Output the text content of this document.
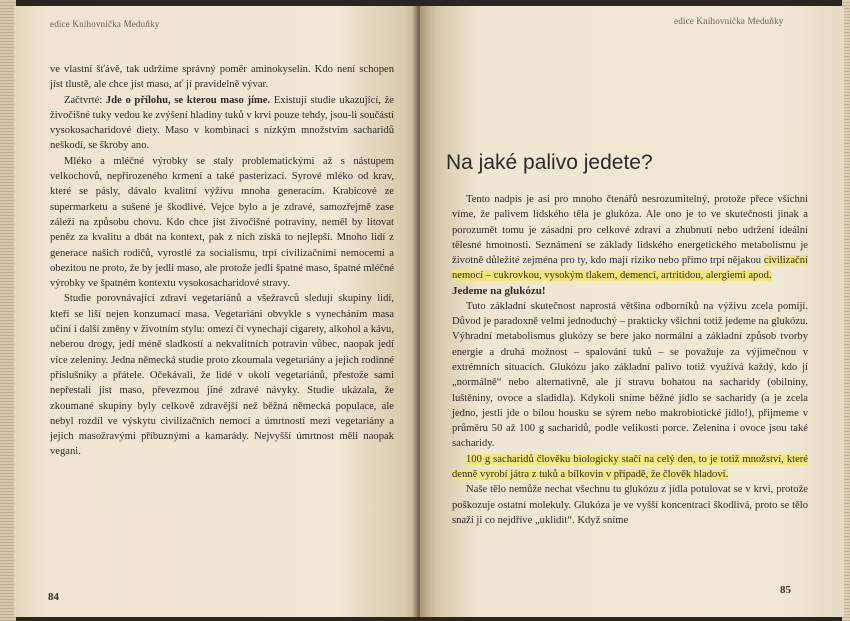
edice Knihovnička Meduňky

ve vlastní šťávě, tak udržíme správný poměr aminokyselin. Kdo není schopen jíst tlustě, ale chce jíst maso, ať jí pravidelně vývar.

Začtvrté: Jde o přílohu, se kterou maso jíme. Existují studie ukazující, že živočišné tuky vedou ke zvýšení hladiny tuků v krvi pouze tehdy, jsou-li součástí vysokosacharidové diety. Maso v kombinaci s nízkým množstvím sacharidů neškodí, se škroby ano.

Mléko a mléčné výrobky se staly problematickými až s nástupem velkochovů, nepřirozeného krmení a také pasterizací. Syrové mléko od krav, které se pásly, dávalo kvalitní výživu mnoha generacím. Krabicové ze supermarketu a sušené je škodlivé. Vejce bylo a je zdravé, samozřejmě zase záleží na způsobu chovu. Kdo chce jíst živočišné potraviny, neměl by litovat peněz za kvalitu a dbát na kontext, pak z nich získá to nejlepší. Mnoho lidí z generace našich rodičů, vyrostlé za socialismu, trpí civilizačními nemocemi a obezitou ne proto, že by jedli maso, ale protože jedli špatné maso, špatné mléčné výrobky ve špatném kontextu vysokosacharidové stravy.

Studie porovnávající zdraví vegetariánů a všežravců sledují skupiny lidí, kteří se liší nejen konzumací masa. Vegetariáni obvykle s vynecháním masa učiní i další změny v životním stylu: omezí či vynechají cigarety, alkohol a kávu, neberou drogy, jedí méně sladkostí a nekvalitních potravin vůbec, naopak jedí více zeleniny. Jedna německá studie proto zkoumala vegetariány a jejich rodinné příslušníky a přátele. Očekávali, že lidé v okolí vegetariánů, přestože sami nepřestali jíst maso, převezmou jiné zdravé návyky. Studie ukázala, že zkoumané skupiny byly celkově zdravější než běžná německá populace, ale nebyl rozdíl ve výskytu civilizačních nemocí a úmrtností mezi vegetariány a jejich masožravými příbuznými a kamarády. Nejvyšší úmrtnost měli naopak vegani.

84
edice Knihovnička Meduňky
Na jaké palivo jedete?

Tento nadpis je asi pro mnoho čtenářů nesrozumitelný, protože přece všichni víme, že palivem lidského těla je glukóza. Ale ono je to ve skutečnosti jinak a porozumět tomu je zásadní pro celkové zdraví a zhubnutí nebo udržení ideální tělesné hmotnosti. Seznámení se základy lidského energetického metabolismu je životně důležité zejména pro ty, kdo mají riziko nebo přímo trpí nějakou civilizační nemocí – cukrovkou, vysokým tlakem, demencí, artritidou, alergiemi apod.

Jedeme na glukózu!

Tuto základní skutečnost naprostá většina odborníků na výživu zcela pomíjí. Důvod je paradoxně velmi jednoduchý – prakticky všichni totiž jedeme na glukózu. Výhradní metabolismus glukózy se bere jako normální a základní způsob tvorby energie a druhá možnost – spalování tuků – se považuje za výjimečnou v extrémních situacích. Glukózu jako základní palivo totiž využívá každý, kdo jí „normálně“ nebo alternativně, ale jí stravu bohatou na sacharidy (obilniny, luštěniny, ovoce a sladidla). Kdykoli sníme běžné jídlo se sacharidy (a je zcela jedno, jestli jde o bílou housku se sýrem nebo makrobiotické jídlo!), přijmeme v průměru 50 až 100 g sacharidů, podle velikosti porce. Zelenina i ovoce jsou také sacharidy.

100 g sacharidů člověku biologicky stačí na celý den, to je totiž množství, které denně vyrobí játra z tuků a bílkovin v případě, že člověk hladoví.

Naše tělo nemůže nechat všechnu tu glukózu z jídla potulovat se v krvi, protože poškozuje ostatní molekuly. Glukóza je ve vyšší koncentraci škodlivá, proto se tělo snaží ji co nejdříve „uklidit“. Když snímе

85
